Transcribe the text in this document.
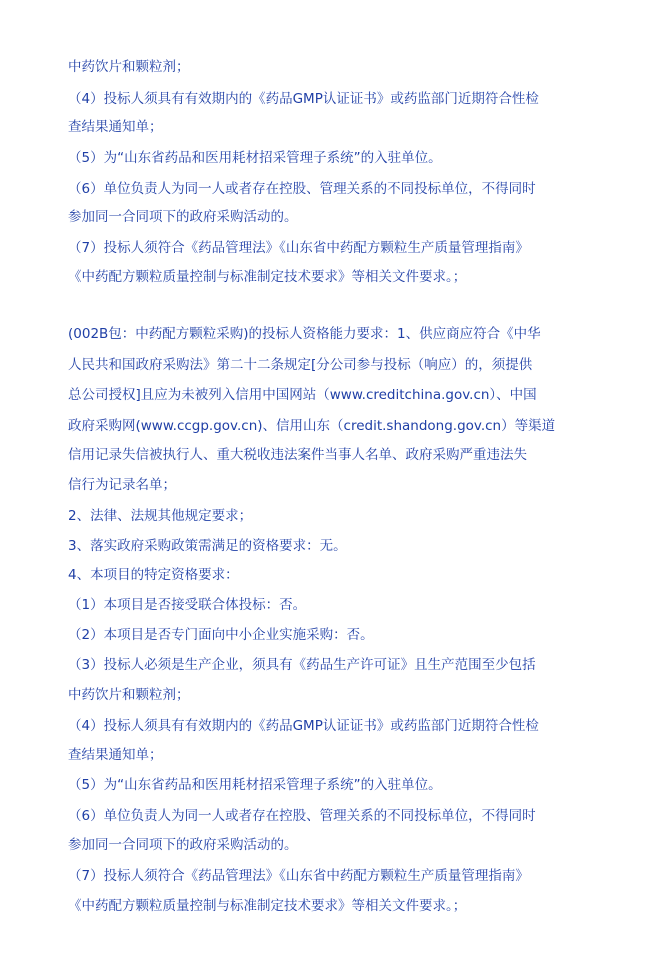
中药饮片和颗粒剂；
（4）投标人须具有有效期内的《药品GMP认证证书》或药监部门近期符合性检
查结果通知单；
（5）为“山东省药品和医用耗材招采管理子系统”的入驻单位。
（6）单位负责人为同一人或者存在控股、管理关系的不同投标单位，不得同时
参加同一合同项下的政府采购活动的。
（7）投标人须符合《药品管理法》《山东省中药配方颗粒生产质量管理指南》
《中药配方颗粒质量控制与标准制定技术要求》等相关文件要求。；
(002B包：中药配方颗粒采购)的投标人资格能力要求：1、供应商应符合《中华
人民共和国政府采购法》第二十二条规定[分公司参与投标（响应）的，须提供
总公司授权]且应为未被列入信用中国网站（www.creditchina.gov.cn）、中国
政府采购网(www.ccgp.gov.cn)、信用山东（credit.shandong.gov.cn）等渠道
信用记录失信被执行人、重大税收违法案件当事人名单、政府采购严重违法失
信行为记录名单；
2、法律、法规其他规定要求；
3、落实政府采购政策需满足的资格要求：无。
4、本项目的特定资格要求：
（1）本项目是否接受联合体投标：否。
（2）本项目是否专门面向中小企业实施采购：否。
（3）投标人必须是生产企业，须具有《药品生产许可证》且生产范围至少包括
中药饮片和颗粒剂；
（4）投标人须具有有效期内的《药品GMP认证证书》或药监部门近期符合性检
查结果通知单；
（5）为“山东省药品和医用耗材招采管理子系统”的入驻单位。
（6）单位负责人为同一人或者存在控股、管理关系的不同投标单位，不得同时
参加同一合同项下的政府采购活动的。
（7）投标人须符合《药品管理法》《山东省中药配方颗粒生产质量管理指南》
《中药配方颗粒质量控制与标准制定技术要求》等相关文件要求。；
